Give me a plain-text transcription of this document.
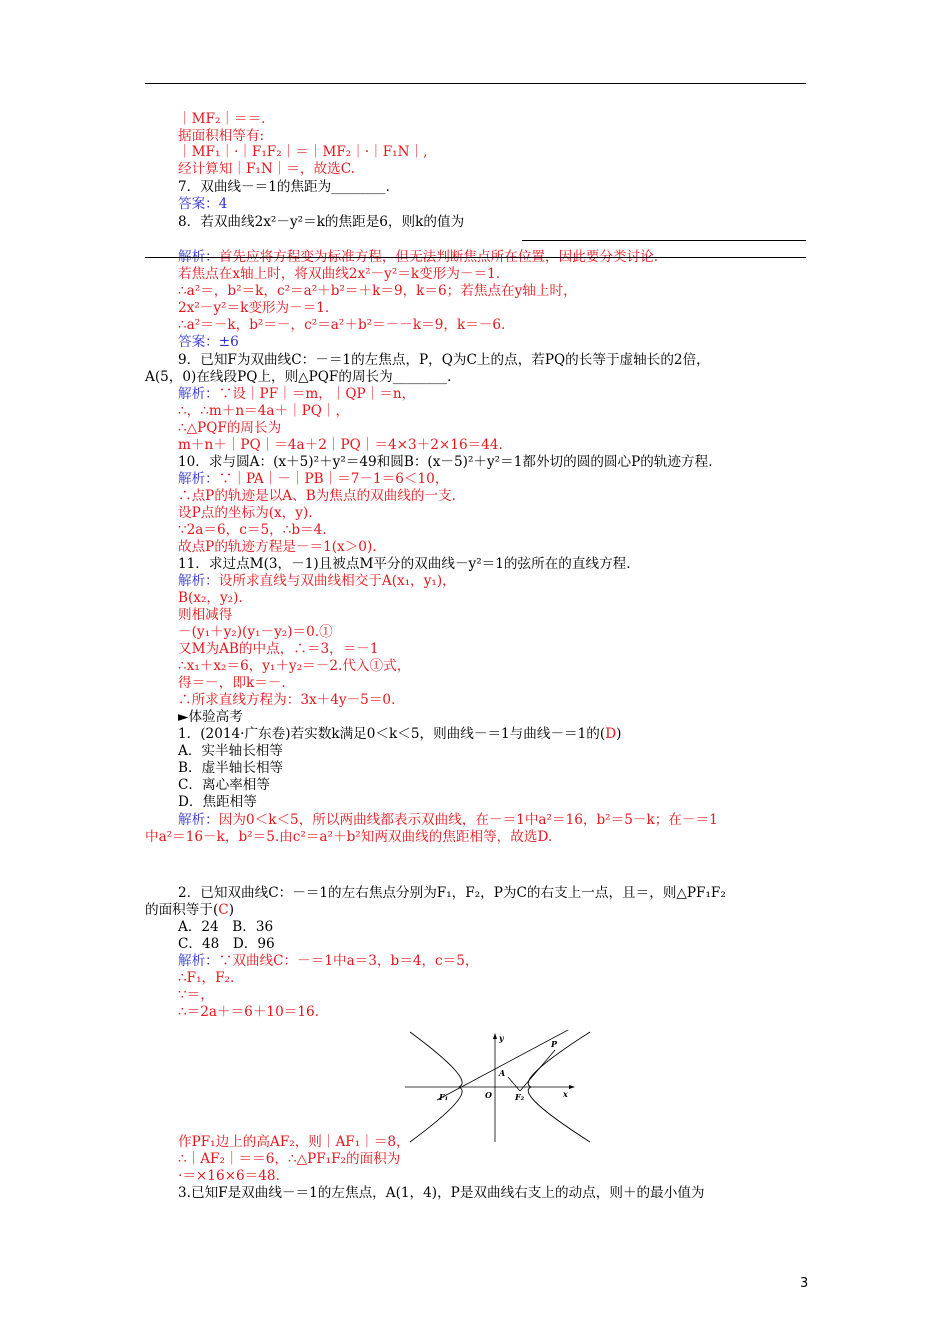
｜MF₂｜＝＝.
据面积相等有:
｜MF₁｜·｜F₁F₂｜＝｜MF₂｜·｜F₁N｜,
经计算知｜F₁N｜＝，故选C.
7．双曲线－＝1的焦距为________．
答案：4
8．若双曲线2x²－y²＝k的焦距是6，则k的值为
解析：首先应将方程变为标准方程，但无法判断焦点所在位置，因此要分类讨论.
若焦点在x轴上时，将双曲线2x²－y²＝k变形为－＝1.
∴a²＝，b²＝k，c²＝a²＋b²＝＋k＝9，k＝6；若焦点在y轴上时，
2x²－y²＝k变形为－＝1.
∴a²＝－k，b²＝－，c²＝a²＋b²＝－－k＝9，k＝－6.
答案：±6
9．已知F为双曲线C：－＝1的左焦点，P，Q为C上的点，若PQ的长等于虚轴长的2倍，
A(5，0)在线段PQ上，则△PQF的周长为________．
解析：∵设｜PF｜＝m，｜QP｜＝n，
∴，∴m＋n＝4a＋｜PQ｜，
∴△PQF的周长为
m＋n＋｜PQ｜＝4a＋2｜PQ｜＝4×3＋2×16＝44.
10．求与圆A：(x＋5)²＋y²＝49和圆B：(x－5)²＋y²＝1都外切的圆的圆心P的轨迹方程.
解析：∵｜PA｜－｜PB｜＝7－1＝6＜10，
∴点P的轨迹是以A、B为焦点的双曲线的一支.
设P点的坐标为(x，y).
∵2a＝6，c＝5，∴b＝4.
故点P的轨迹方程是－＝1(x＞0).
11．求过点M(3，－1)且被点M平分的双曲线－y²＝1的弦所在的直线方程.
解析：设所求直线与双曲线相交于A(x₁，y₁)，
B(x₂，y₂).
则相减得
－(y₁＋y₂)(y₁－y₂)＝0.①
又M为AB的中点，∴＝3，＝－1
∴x₁＋x₂＝6，y₁＋y₂＝－2.代入①式，
得＝－，即k＝－.
∴所求直线方程为：3x＋4y－5＝0.
►体验高考
1．(2014·广东卷)若实数k满足0＜k＜5，则曲线－＝1与曲线－＝1的(D)
A．实半轴长相等
B．虚半轴长相等
C．离心率相等
D．焦距相等
解析：因为0＜k＜5，所以两曲线都表示双曲线，在－＝1中a²＝16，b²＝5－k；在－＝1
中a²＝16－k，b²＝5.由c²＝a²＋b²知两双曲线的焦距相等，故选D.
2．已知双曲线C：－＝1的左右焦点分别为F₁，F₂，P为C的右支上一点，且＝，则△PF₁F₂
的面积等于(C)
A．24　B．36
C．48　D．96
解析：∵双曲线C：－＝1中a＝3，b＝4，c＝5，
∴F₁，F₂.
∵＝，
∴＝2a＋＝6＋10＝16.
作PF₁边上的高AF₂，则｜AF₁｜＝8，
∴｜AF₂｜＝＝6，∴△PF₁F₂的面积为
·＝×16×6＝48.
3.已知F是双曲线－＝1的左焦点，A(1，4)，P是双曲线右支上的动点，则＋的最小值为
y
x
O
P
A
F₁	F₂
3
